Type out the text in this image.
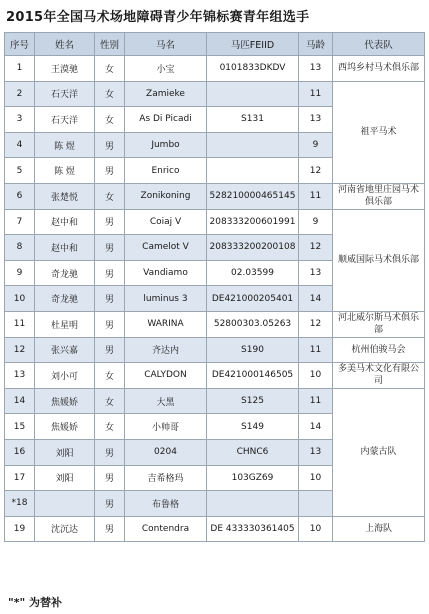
2015年全国马术场地障碍青少年锦标赛青年组选手
序号	姓名	性别	马名	马匹FEIID	马龄	代表队
1	王漠驰	女	小宝	0101833DKDV	13	西坞乡村马术俱乐部
2	石天洋	女	Zamieke		11	祖平马术
3	石天洋	女	As Di Picadi	S131	13	
4	陈 煜	男	Jumbo		9	
5	陈 煜	男	Enrico		12	
6	张楚悦	女	Zonikoning	528210000465145	11	河南省地里庄园马术俱乐部
7	赵中和	男	Coiaj V	208333200601991	9	顺威国际马术俱乐部
8	赵中和	男	Camelot V	208333200200108	12	
9	奇龙驰	男	Vandiamo	02.03599	13	
10	奇龙驰	男	luminus 3	DE421000205401	14	
11	杜星明	男	WARINA	52800303.05263	12	河北威尔斯马术俱乐部
12	张兴嘉	男	齐达内	S190	11	杭州伯骏马会
13	刘小可	女	CALYDON	DE421000146505	10	多美马术文化有限公司
14	焦媛娇	女	大黑	S125	11	内蒙古队
15	焦媛娇	女	小帅哥	S149	14	
16	刘阳	男	0204	CHNC6	13	
17	刘阳	男	吉希格玛	103GZ69	10	
*18		男	布鲁格			
19	沈沉达	男	Contendra	DE 433330361405	10	上海队
"*" 为替补
